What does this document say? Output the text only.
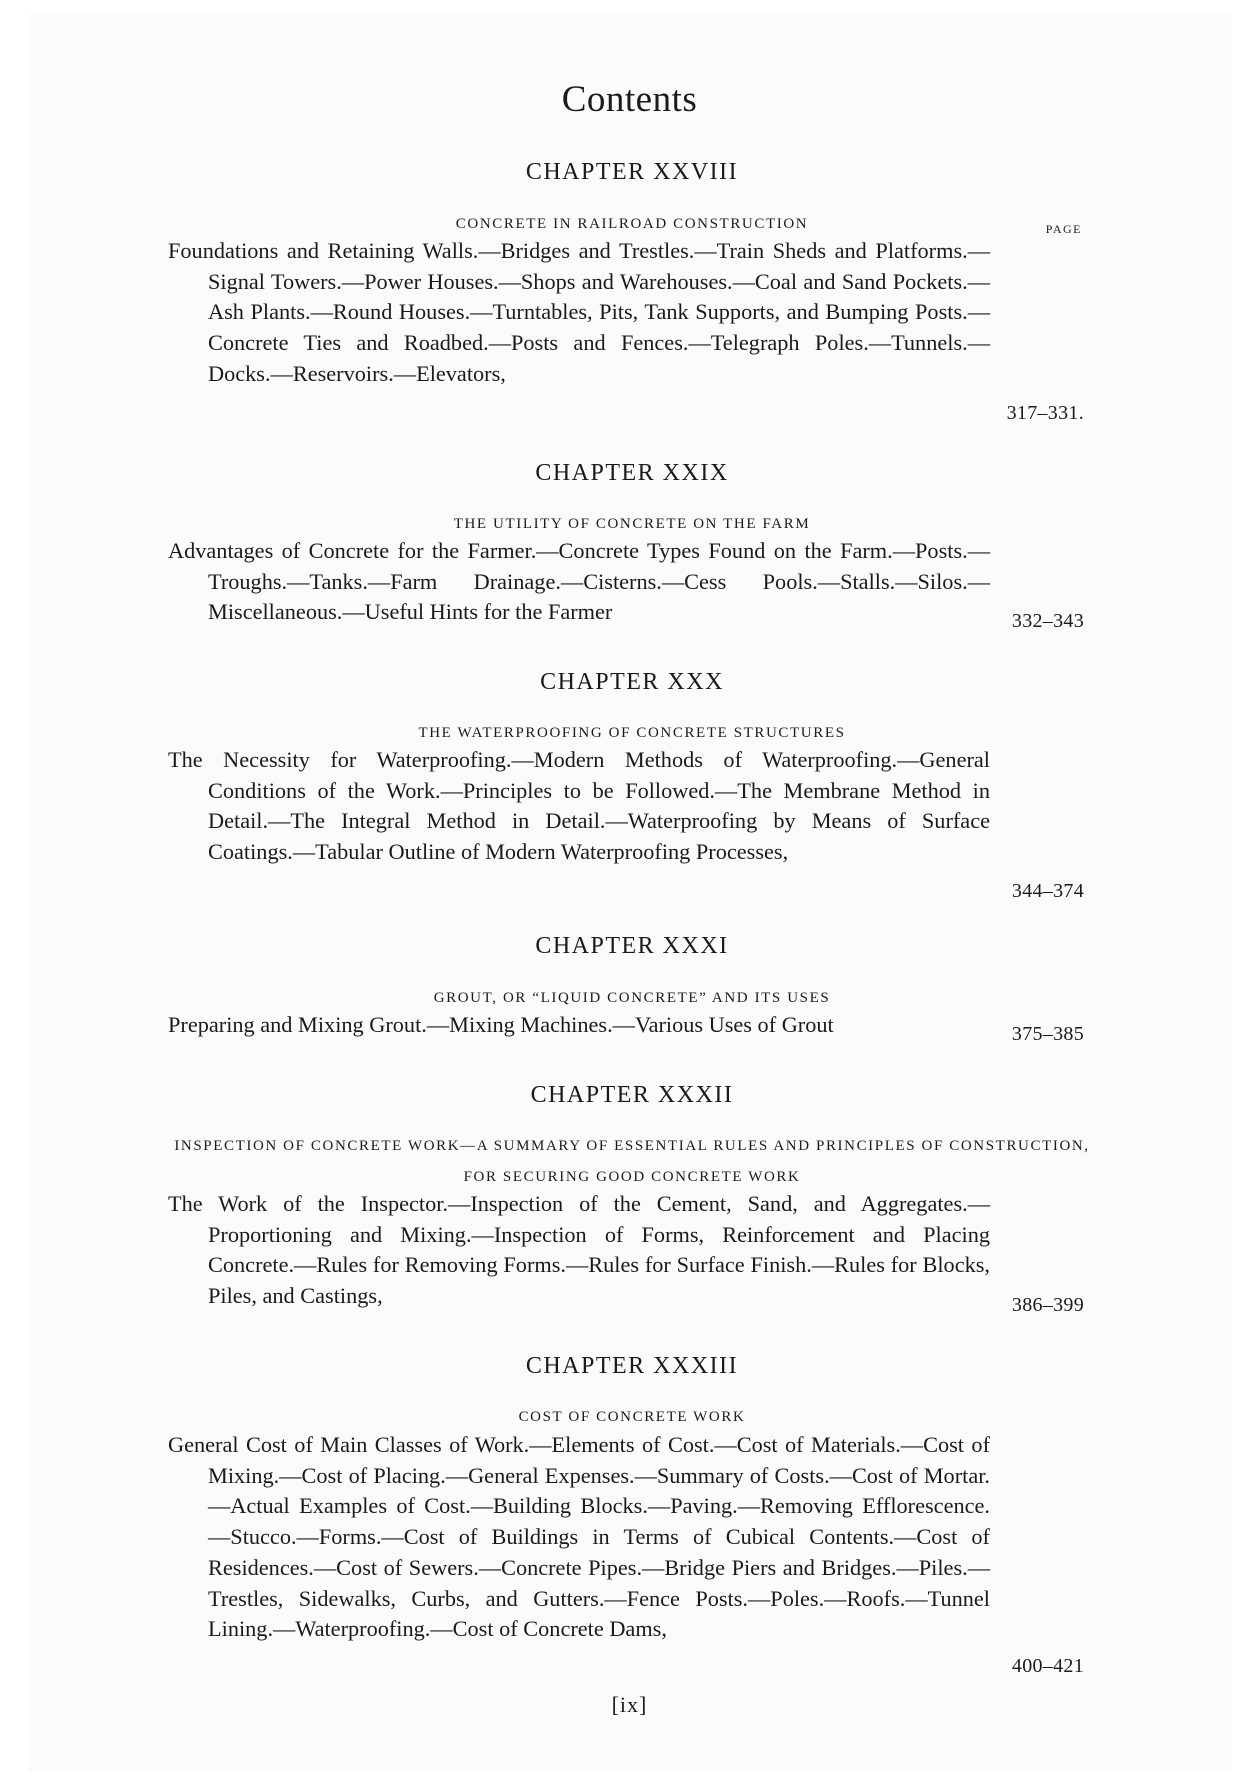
Contents
CHAPTER XXVIII
CONCRETE IN RAILROAD CONSTRUCTION	PAGE
Foundations and Retaining Walls.—Bridges and Trestles.—Train Sheds and Platforms.—Signal Towers.—Power Houses.—Shops and Warehouses.—Coal and Sand Pockets.—Ash Plants.—Round Houses.—Turntables, Pits, Tank Supports, and Bumping Posts.—Concrete Ties and Roadbed.—Posts and Fences.—Telegraph Poles.—Tunnels.—Docks.—Reservoirs.—Elevators,
317–331.
CHAPTER XXIX
THE UTILITY OF CONCRETE ON THE FARM
Advantages of Concrete for the Farmer.—Concrete Types Found on the Farm.—Posts.—Troughs.—Tanks.—Farm Drainage.—Cisterns.—Cess Pools.—Stalls.—Silos.—Miscellaneous.—Useful Hints for the Farmer	332–343
CHAPTER XXX
THE WATERPROOFING OF CONCRETE STRUCTURES
The Necessity for Waterproofing.—Modern Methods of Waterproofing.—General Conditions of the Work.—Principles to be Followed.—The Membrane Method in Detail.—The Integral Method in Detail.—Waterproofing by Means of Surface Coatings.—Tabular Outline of Modern Waterproofing Processes,
344–374
CHAPTER XXXI
GROUT, OR “LIQUID CONCRETE” AND ITS USES
Preparing and Mixing Grout.—Mixing Machines.—Various Uses of Grout	375–385
CHAPTER XXXII
INSPECTION OF CONCRETE WORK—A SUMMARY OF ESSENTIAL RULES AND PRINCIPLES OF CONSTRUCTION, FOR SECURING GOOD CONCRETE WORK
The Work of the Inspector.—Inspection of the Cement, Sand, and Aggregates.—Proportioning and Mixing.—Inspection of Forms, Reinforcement and Placing Concrete.—Rules for Removing Forms.—Rules for Surface Finish.—Rules for Blocks, Piles, and Castings,	386–399
CHAPTER XXXIII
COST OF CONCRETE WORK
General Cost of Main Classes of Work.—Elements of Cost.—Cost of Materials.—Cost of Mixing.—Cost of Placing.—General Expenses.—Summary of Costs.—Cost of Mortar.—Actual Examples of Cost.—Building Blocks.—Paving.—Removing Efflorescence.—Stucco.—Forms.—Cost of Buildings in Terms of Cubical Contents.—Cost of Residences.—Cost of Sewers.—Concrete Pipes.—Bridge Piers and Bridges.—Piles.—Trestles, Sidewalks, Curbs, and Gutters.—Fence Posts.—Poles.—Roofs.—Tunnel Lining.—Waterproofing.—Cost of Concrete Dams,
400–421
[ix]
